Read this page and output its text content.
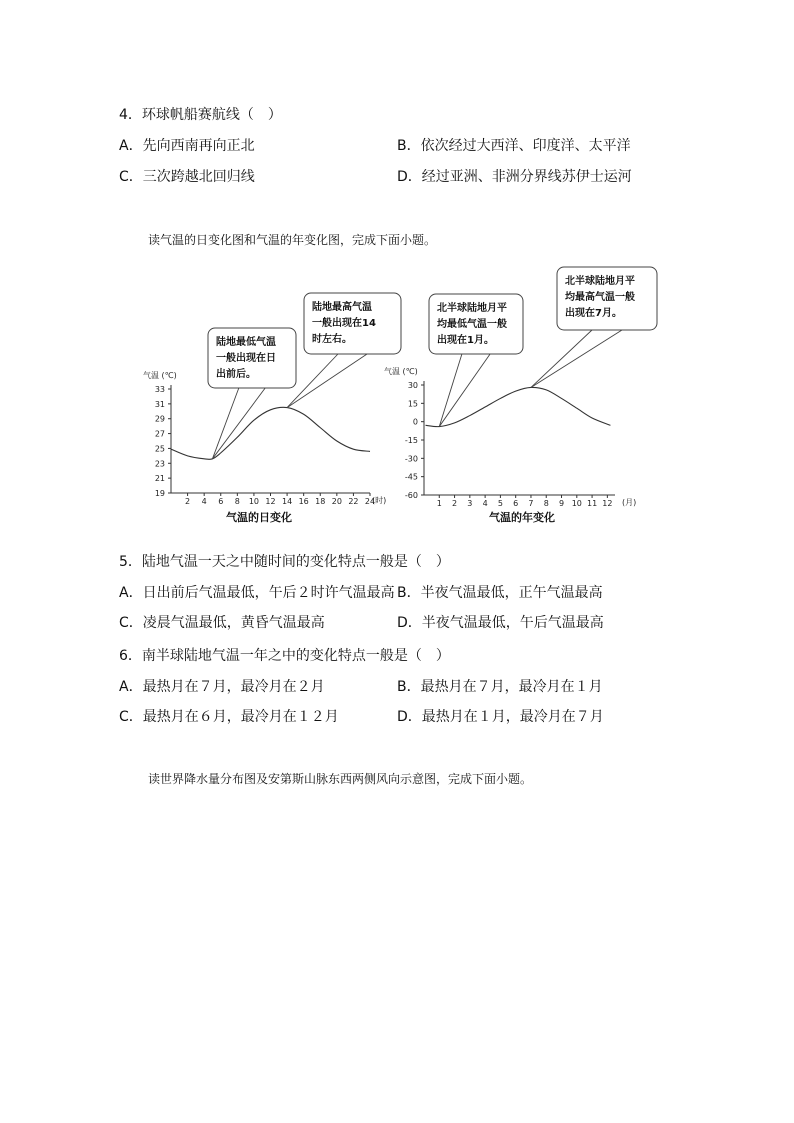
4．环球帆船赛航线（　）
A．先向西南再向正北	B．依次经过大西洋、印度洋、太平洋
C．三次跨越北回归线	D．经过亚洲、非洲分界线苏伊士运河
读气温的日变化图和气温的年变化图，完成下面小题。
19
21
23
25
27
29
31
33
2 4 6 8 10 12 14 16 18 20 22 24
(时)
气温 (℃)
气温的日变化
陆地最低气温
一般出现在日
出前后。
陆地最高气温
一般出现在14
时左右。
30
15
0
-15
-30
-45
-60
1 2 3 4 5 6 7 8 9 10 11 12 (月)
气温 (℃)
气温的年变化
北半球陆地月平
均最低气温一般
出现在1月。
北半球陆地月平
均最高气温一般
出现在7月。
5．陆地气温一天之中随时间的变化特点一般是（　）
A．日出前后气温最低，午后２时许气温最高 B．半夜气温最低，正午气温最高
C．凌晨气温最低，黄昏气温最高	D．半夜气温最低，午后气温最高
6．南半球陆地气温一年之中的变化特点一般是（　）
A．最热月在７月，最冷月在２月	B．最热月在７月，最冷月在１月
C．最热月在６月，最冷月在１２月	D．最热月在１月，最冷月在７月
读世界降水量分布图及安第斯山脉东西两侧风向示意图，完成下面小题。
